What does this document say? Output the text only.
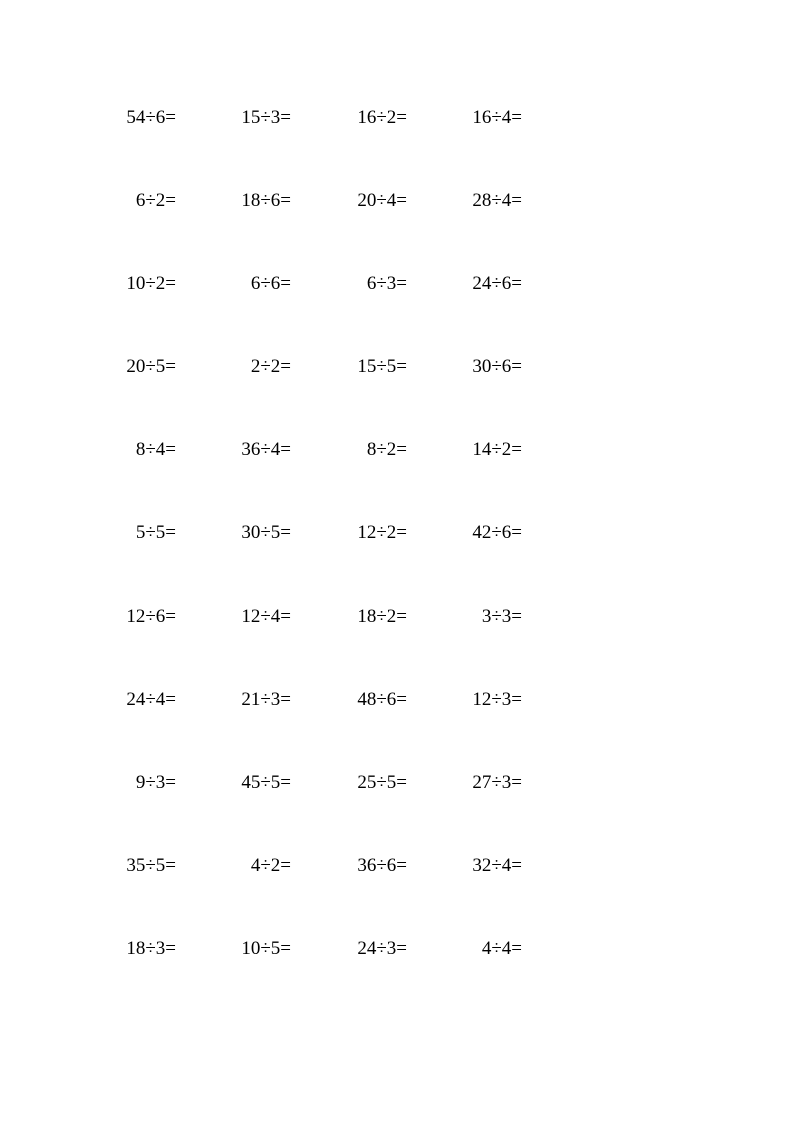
54÷6=	15÷3=	16÷2=	16÷4=
6÷2=	18÷6=	20÷4=	28÷4=
10÷2=	6÷6=	6÷3=	24÷6=
20÷5=	2÷2=	15÷5=	30÷6=
8÷4=	36÷4=	8÷2=	14÷2=
5÷5=	30÷5=	12÷2=	42÷6=
12÷6=	12÷4=	18÷2=	3÷3=
24÷4=	21÷3=	48÷6=	12÷3=
9÷3=	45÷5=	25÷5=	27÷3=
35÷5=	4÷2=	36÷6=	32÷4=
18÷3=	10÷5=	24÷3=	4÷4=
